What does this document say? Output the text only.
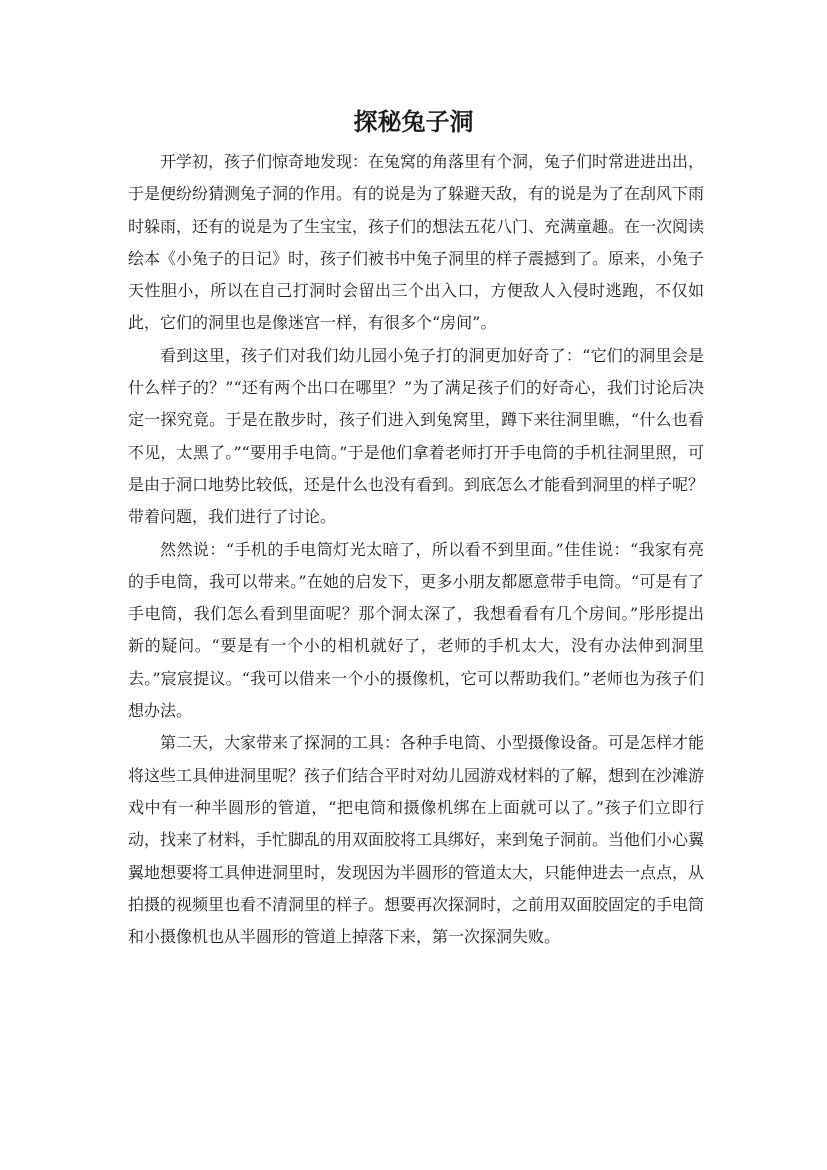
探秘兔子洞

开学初，孩子们惊奇地发现：在兔窝的角落里有个洞，兔子们时常进进出出，于是便纷纷猜测兔子洞的作用。有的说是为了躲避天敌，有的说是为了在刮风下雨时躲雨，还有的说是为了生宝宝，孩子们的想法五花八门、充满童趣。在一次阅读绘本《小兔子的日记》时，孩子们被书中兔子洞里的样子震撼到了。原来，小兔子天性胆小，所以在自己打洞时会留出三个出入口，方便敌人入侵时逃跑，不仅如此，它们的洞里也是像迷宫一样，有很多个“房间”。

看到这里，孩子们对我们幼儿园小兔子打的洞更加好奇了：“它们的洞里会是什么样子的？”“还有两个出口在哪里？”为了满足孩子们的好奇心，我们讨论后决定一探究竟。于是在散步时，孩子们进入到兔窝里，蹲下来往洞里瞧，“什么也看不见，太黑了。”“要用手电筒。”于是他们拿着老师打开手电筒的手机往洞里照，可是由于洞口地势比较低，还是什么也没有看到。到底怎么才能看到洞里的样子呢？带着问题，我们进行了讨论。

然然说：“手机的手电筒灯光太暗了，所以看不到里面。”佳佳说：“我家有亮的手电筒，我可以带来。”在她的启发下，更多小朋友都愿意带手电筒。“可是有了手电筒，我们怎么看到里面呢？那个洞太深了，我想看看有几个房间。”彤彤提出新的疑问。“要是有一个小的相机就好了，老师的手机太大，没有办法伸到洞里去。”宸宸提议。“我可以借来一个小的摄像机，它可以帮助我们。”老师也为孩子们想办法。

第二天，大家带来了探洞的工具：各种手电筒、小型摄像设备。可是怎样才能将这些工具伸进洞里呢？孩子们结合平时对幼儿园游戏材料的了解，想到在沙滩游戏中有一种半圆形的管道，“把电筒和摄像机绑在上面就可以了。”孩子们立即行动，找来了材料，手忙脚乱的用双面胶将工具绑好，来到兔子洞前。当他们小心翼翼地想要将工具伸进洞里时，发现因为半圆形的管道太大，只能伸进去一点点，从拍摄的视频里也看不清洞里的样子。想要再次探洞时，之前用双面胶固定的手电筒和小摄像机也从半圆形的管道上掉落下来，第一次探洞失败。
